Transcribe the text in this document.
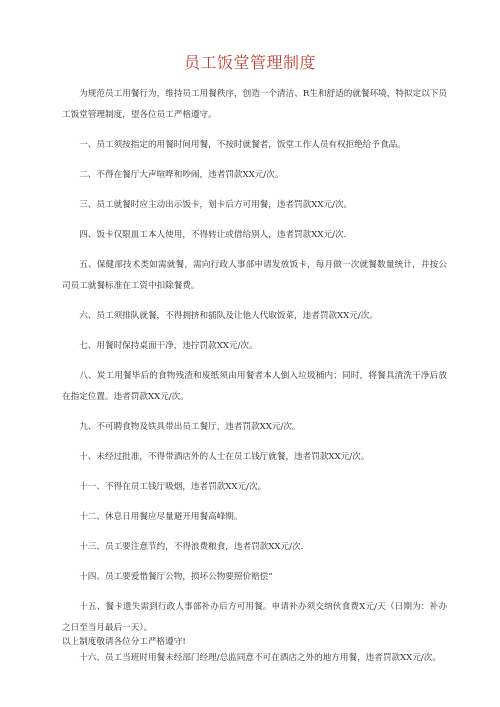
员工饭堂管理制度

为规范员工用餐行为，维持员工用餐秩序，创造一个清洁、R生和舒适的就餐环境，特拟定以下员工饭堂管理制度，望各位员工严格遵守。

一、员工须按指定的用餐时间用餐，不按时就餐者，饭堂工作人员有权拒绝给予食品。

二、不得在餐厅大声喧哗和吵闹，违者罚款XX元/次。

三、员工就餐时应主动出示饭卡，划卡后方可用餐，违者罚款XX元/次。

四、饭卡仅限皿工本人使用，不得转让或借给别人，违者罚款XX元/次.

五、保健部技术类如需就餐，需向行政人事部申请发放饭卡，每月做一次就餐数量统计，并按公司员工就餐标准在工资中扣除餐费。

六、员工须排队就餐，不得拥挤和插队及让他人代取饭菜，违者罚款XX元/次。

七、用餐时保持桌面干净，违拧罚款XX元/次。

八、炭工用餐毕后的食物残渣和废纸须由用餐者本人倒入垃圾桶内；同时，将餐具清洗干净后放在指定位置。违者罚款XX元/次。

九、不可聘食物及铁具带出员工餐厅，违者罚款XX元/次。

十、未经过批准，不得带酒店外的人士在员工钱厅就餐，违者罚款XX元/次。

十一、不得在员工钱厅吸烟，违者罚款XX元/次。

十二、休息日用餐应尽量避开用餐高峰期。

十三、员工要注意节约，不得浪费粮食，违者罚款XX元/次.

十四、员工要爱惜餐厅公物，损坏公物要照价赔偿“

十五、餐卡遗失需到行政人事部补办后方可用餐。申请补办须交纳伙食费X元/天（日期为：补办之日至当月最后一天）。

十六、员工当班时用餐未经部门经理/总监同意不可在酒店之外的地方用餐，违者罚款XX元/次。

以上制度敬请各位分工严格遵守!
